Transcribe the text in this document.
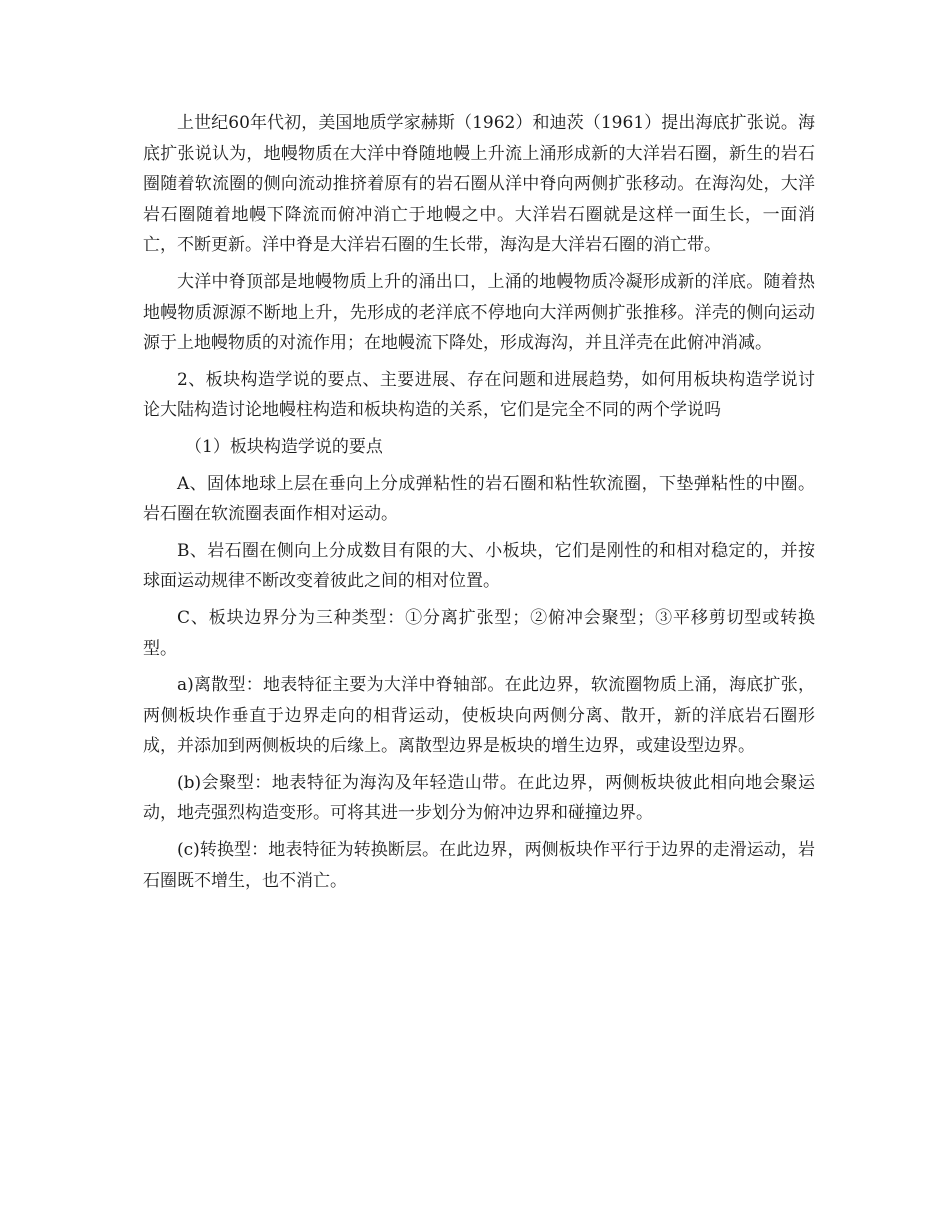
上世纪60年代初，美国地质学家赫斯（1962）和迪茨（1961）提出海底扩张说。海底扩张说认为，地幔物质在大洋中脊随地幔上升流上涌形成新的大洋岩石圈，新生的岩石圈随着软流圈的侧向流动推挤着原有的岩石圈从洋中脊向两侧扩张移动。在海沟处，大洋岩石圈随着地幔下降流而俯冲消亡于地幔之中。大洋岩石圈就是这样一面生长，一面消亡，不断更新。洋中脊是大洋岩石圈的生长带，海沟是大洋岩石圈的消亡带。

大洋中脊顶部是地幔物质上升的涌出口，上涌的地幔物质冷凝形成新的洋底。随着热地幔物质源源不断地上升，先形成的老洋底不停地向大洋两侧扩张推移。洋壳的侧向运动源于上地幔物质的对流作用；在地幔流下降处，形成海沟，并且洋壳在此俯冲消减。

2、板块构造学说的要点、主要进展、存在问题和进展趋势，如何用板块构造学说讨论大陆构造讨论地幔柱构造和板块构造的关系，它们是完全不同的两个学说吗

（1）板块构造学说的要点

A、固体地球上层在垂向上分成弹粘性的岩石圈和粘性软流圈，下垫弹粘性的中圈。岩石圈在软流圈表面作相对运动。

B、岩石圈在侧向上分成数目有限的大、小板块，它们是刚性的和相对稳定的，并按球面运动规律不断改变着彼此之间的相对位置。

C、板块边界分为三种类型：①分离扩张型；②俯冲会聚型；③平移剪切型或转换型。

a)离散型：地表特征主要为大洋中脊轴部。在此边界，软流圈物质上涌，海底扩张，两侧板块作垂直于边界走向的相背运动，使板块向两侧分离、散开，新的洋底岩石圈形成，并添加到两侧板块的后缘上。离散型边界是板块的增生边界，或建设型边界。

(b)会聚型：地表特征为海沟及年轻造山带。在此边界，两侧板块彼此相向地会聚运动，地壳强烈构造变形。可将其进一步划分为俯冲边界和碰撞边界。

(c)转换型：地表特征为转换断层。在此边界，两侧板块作平行于边界的走滑运动，岩石圈既不增生，也不消亡。
